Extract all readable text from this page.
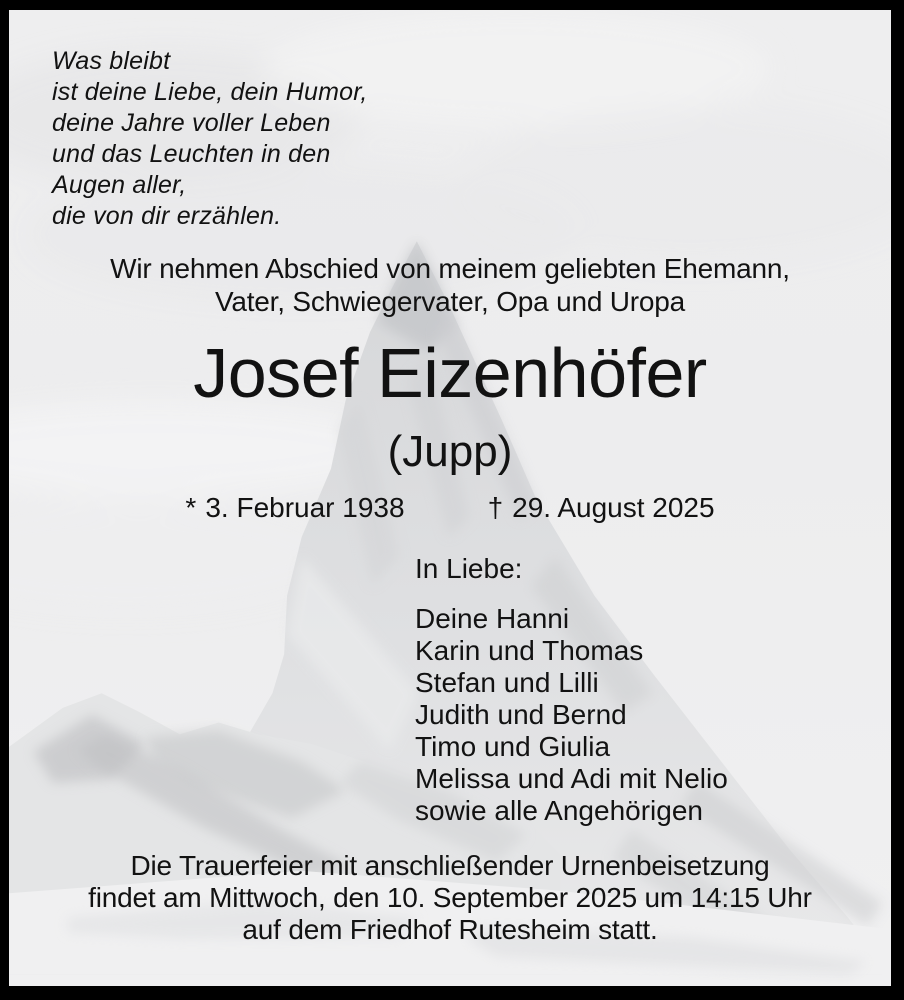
Was bleibt
ist deine Liebe, dein Humor,
deine Jahre voller Leben
und das Leuchten in den
Augen aller,
die von dir erzählen.
Wir nehmen Abschied von meinem geliebten Ehemann,
Vater, Schwiegervater, Opa und Uropa
Josef Eizenhöfer
(Jupp)
* 3. Februar 1938	† 29. August 2025
In Liebe:
Deine Hanni
Karin und Thomas
Stefan und Lilli
Judith und Bernd
Timo und Giulia
Melissa und Adi mit Nelio
sowie alle Angehörigen
Die Trauerfeier mit anschließender Urnenbeisetzung
findet am Mittwoch, den 10. September 2025 um 14:15 Uhr
auf dem Friedhof Rutesheim statt.
